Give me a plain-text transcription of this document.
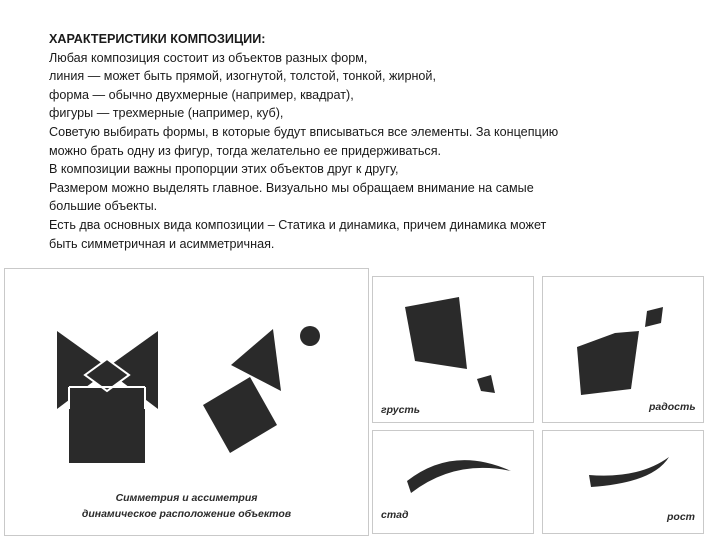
ХАРАКТЕРИСТИКИ КОМПОЗИЦИИ:
Любая композиция состоит из объектов разных форм,
линия — может быть прямой, изогнутой, толстой, тонкой, жирной,
форма — обычно двухмерные (например, квадрат),
фигуры — трехмерные (например, куб),
Советую выбирать формы, в которые будут вписываться все элементы. За концепцию
можно брать одну из фигур, тогда желательно ее придерживаться.
В композиции важны пропорции этих объектов друг к другу,
Размером можно выделять главное. Визуально мы обращаем внимание на самые
большие объекты.
Есть два основных вида композиции – Статика и динамика, причем динамика может
быть симметричная и асимметричная.
Симметрия и ассиметрия
динамическое расположение объектов
грусть	радость
стад	рост
